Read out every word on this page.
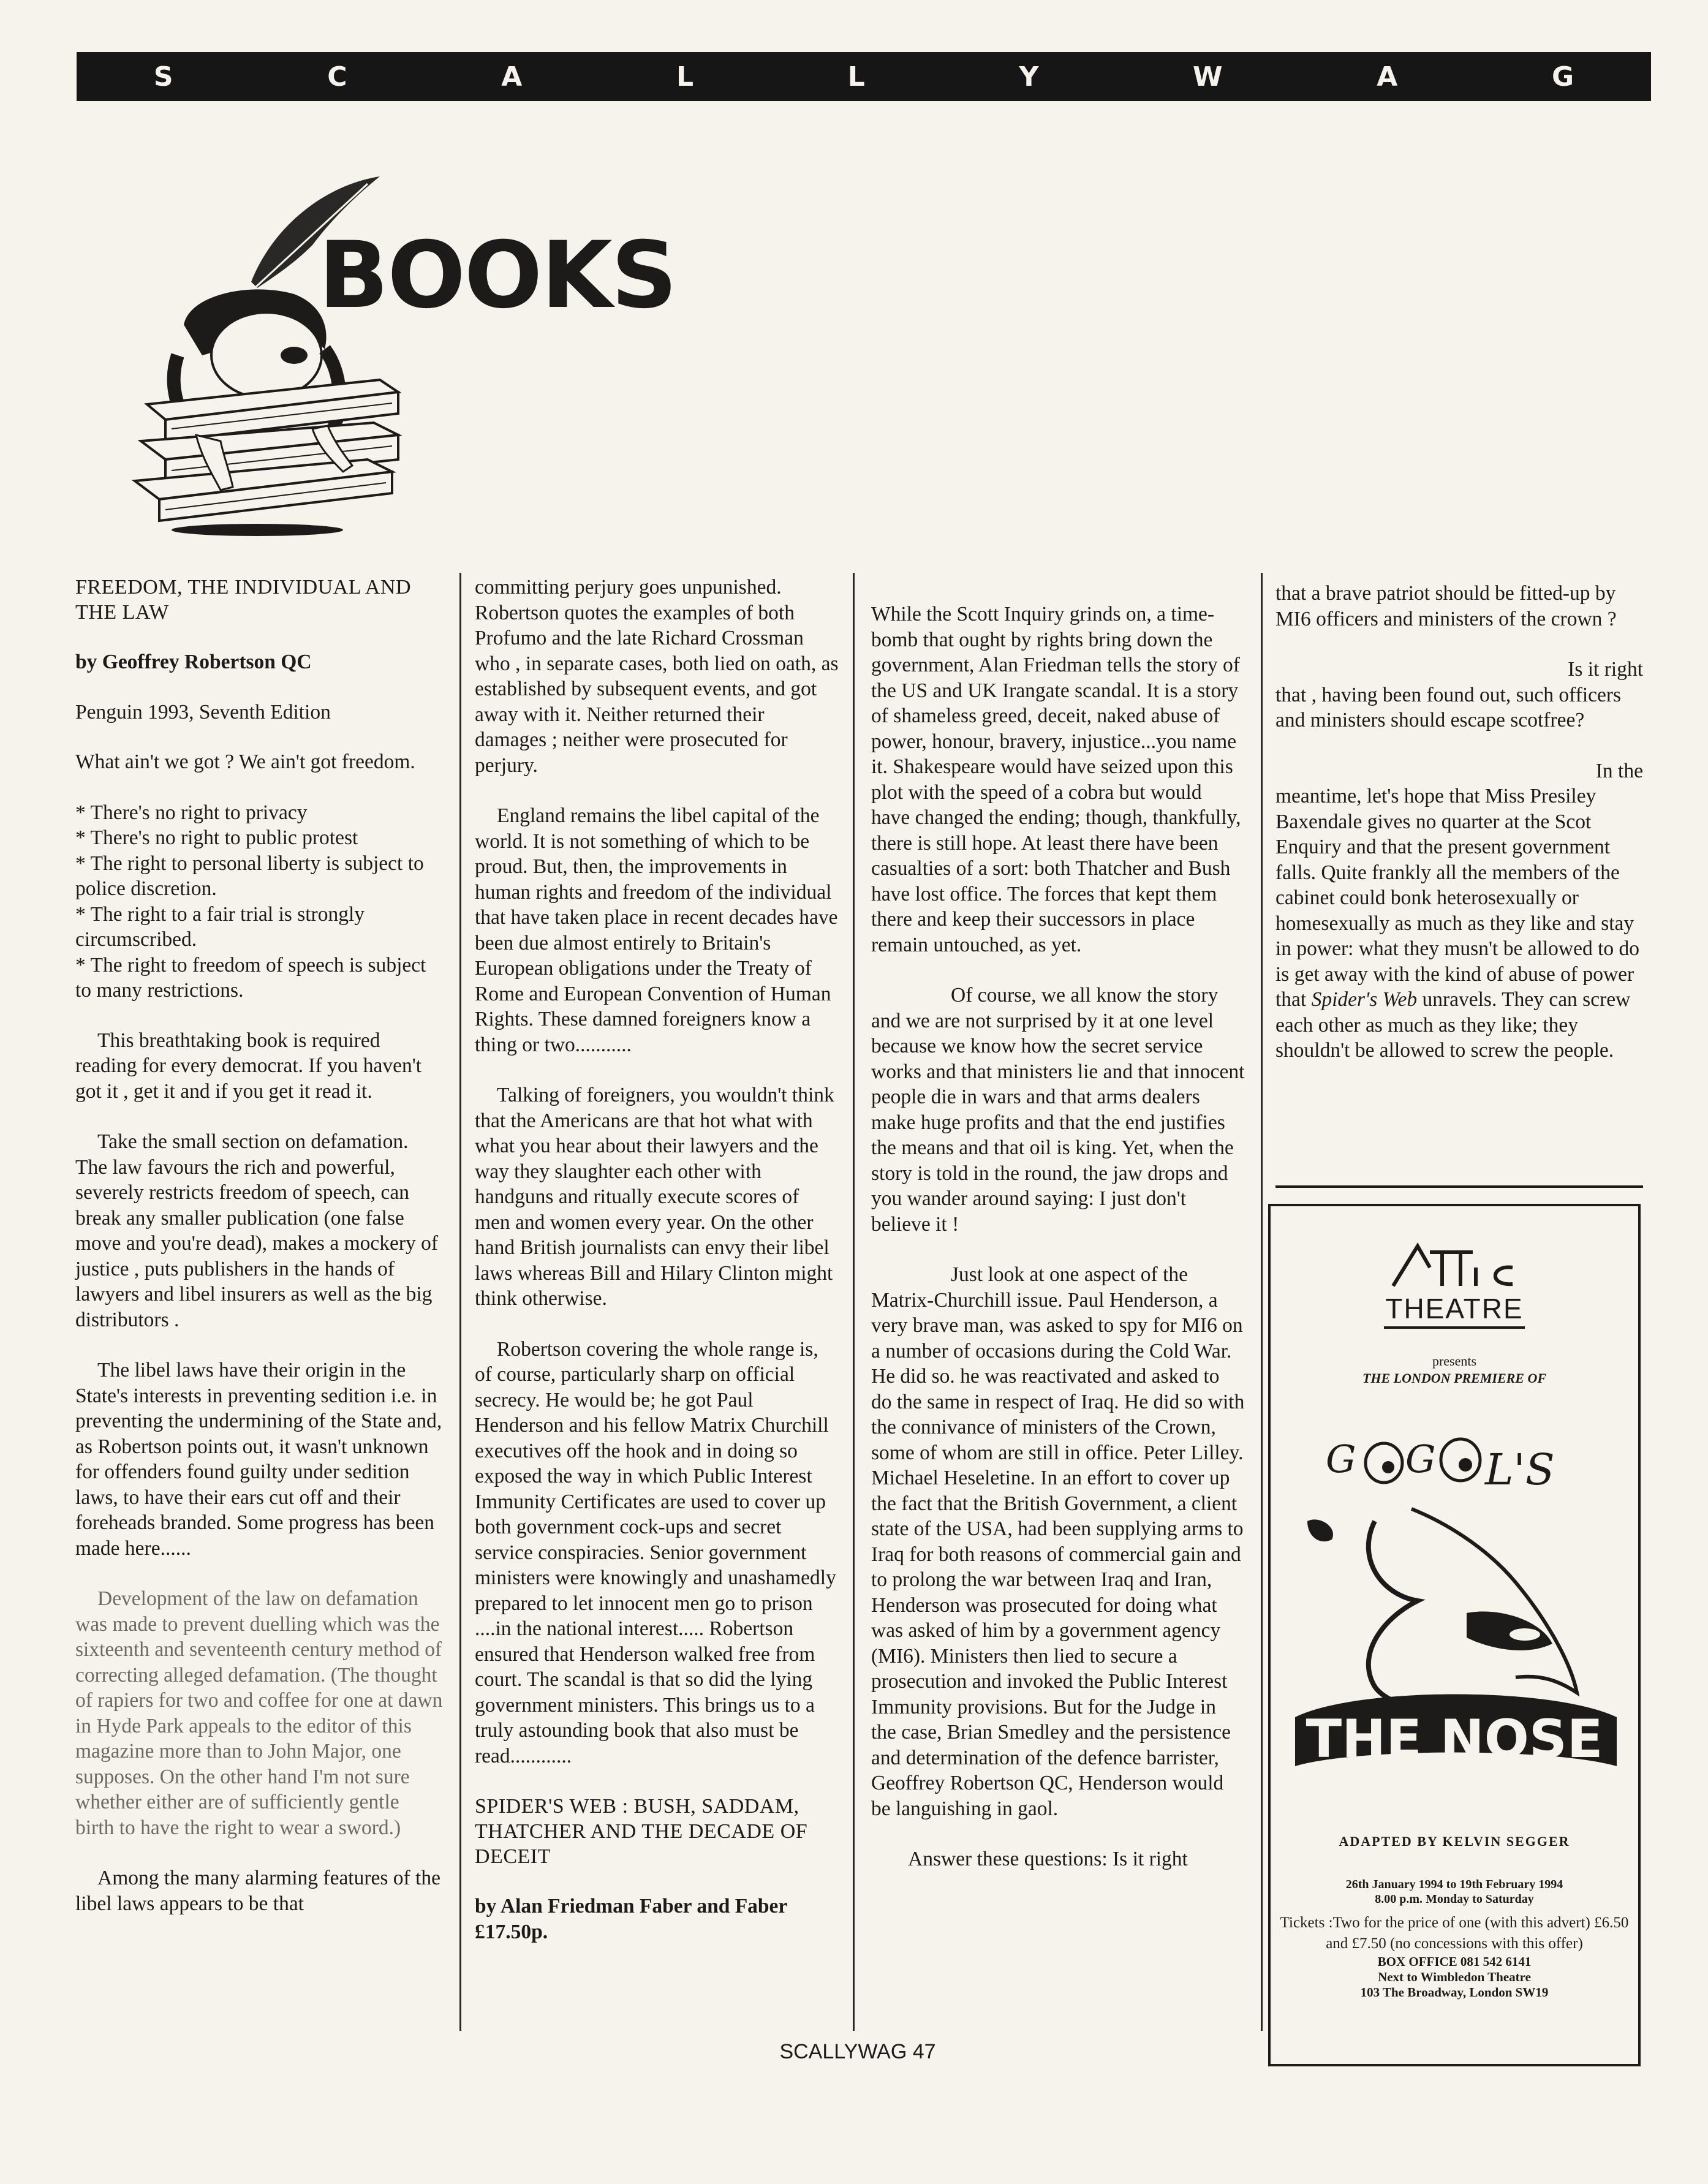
S	C	A	L	L	Y	W	A	G
BOOKS
FREEDOM, THE INDIVIDUAL AND THE LAW
by Geoffrey Robertson QC
Penguin 1993, Seventh Edition

What ain't we got ? We ain't got freedom.

* There's no right to privacy
* There's no right to public protest
* The right to personal liberty is subject to police discretion.
* The right to a fair trial is strongly circumscribed.
* The right to freedom of speech is subject to many restrictions.

This breathtaking book is required reading for every democrat. If you haven't got it , get it and if you get it read it.

Take the small section on defamation. The law favours the rich and powerful, severely restricts freedom of speech, can break any smaller publication (one false move and you're dead), makes a mockery of justice , puts publishers in the hands of lawyers and libel insurers as well as the big distributors .

The libel laws have their origin in the State's interests in preventing sedition i.e. in preventing the undermining of the State and, as Robertson points out, it wasn't unknown for offenders found guilty under sedition laws, to have their ears cut off and their foreheads branded. Some progress has been made here......

Development of the law on defamation was made to prevent duelling which was the sixteenth and seventeenth century method of correcting alleged defamation. (The thought of rapiers for two and coffee for one at dawn in Hyde Park appeals to the editor of this magazine more than to John Major, one supposes. On the other hand I'm not sure whether either are of sufficiently gentle birth to have the right to wear a sword.)

Among the many alarming features of the libel laws appears to be that

committing perjury goes unpunished. Robertson quotes the examples of both Profumo and the late Richard Crossman who , in separate cases, both lied on oath, as established by subsequent events, and got away with it. Neither returned their damages ; neither were prosecuted for perjury.

England remains the libel capital of the world. It is not something of which to be proud. But, then, the improvements in human rights and freedom of the individual that have taken place in recent decades have been due almost entirely to Britain's European obligations under the Treaty of Rome and European Convention of Human Rights. These damned foreigners know a thing or two...........

Talking of foreigners, you wouldn't think that the Americans are that hot what with what you hear about their lawyers and the way they slaughter each other with handguns and ritually execute scores of men and women every year. On the other hand British journalists can envy their libel laws whereas Bill and Hilary Clinton might think otherwise.

Robertson covering the whole range is, of course, particularly sharp on official secrecy. He would be; he got Paul Henderson and his fellow Matrix Churchill executives off the hook and in doing so exposed the way in which Public Interest Immunity Certificates are used to cover up both government cock-ups and secret service conspiracies. Senior government ministers were knowingly and unashamedly prepared to let innocent men go to prison ....in the national interest..... Robertson ensured that Henderson walked free from court. The scandal is that so did the lying government ministers. This brings us to a truly astounding book that also must be read............

SPIDER'S WEB : BUSH, SADDAM, THATCHER AND THE DECADE OF DECEIT
by Alan Friedman Faber and Faber £17.50p.

While the Scott Inquiry grinds on, a time-bomb that ought by rights bring down the government, Alan Friedman tells the story of the US and UK Irangate scandal. It is a story of shameless greed, deceit, naked abuse of power, honour, bravery, injustice...you name it. Shakespeare would have seized upon this plot with the speed of a cobra but would have changed the ending; though, thankfully, there is still hope. At least there have been casualties of a sort: both Thatcher and Bush have lost office. The forces that kept them there and keep their successors in place remain untouched, as yet.

Of course, we all know the story and we are not surprised by it at one level because we know how the secret service works and that ministers lie and that innocent people die in wars and that arms dealers make huge profits and that the end justifies the means and that oil is king. Yet, when the story is told in the round, the jaw drops and you wander around saying: I just don't believe it !

Just look at one aspect of the Matrix-Churchill issue. Paul Henderson, a very brave man, was asked to spy for MI6 on a number of occasions during the Cold War. He did so. he was reactivated and asked to do the same in respect of Iraq. He did so with the connivance of ministers of the Crown, some of whom are still in office. Peter Lilley. Michael Heseletine. In an effort to cover up the fact that the British Government, a client state of the USA, had been supplying arms to Iraq for both reasons of commercial gain and to prolong the war between Iraq and Iran, Henderson was prosecuted for doing what was asked of him by a government agency (MI6). Ministers then lied to secure a prosecution and invoked the Public Interest Immunity provisions. But for the Judge in the case, Brian Smedley and the persistence and determination of the defence barrister, Geoffrey Robertson QC, Henderson would be languishing in gaol.

Answer these questions: Is it right

that a brave patriot should be fitted-up by MI6 officers and ministers of the crown ?

Is it right

that , having been found out, such officers and ministers should escape scotfree?

In the

meantime, let's hope that Miss Presiley Baxendale gives no quarter at the Scot Enquiry and that the present government falls. Quite frankly all the members of the cabinet could bonk heterosexually or homesexually as much as they like and stay in power: what they musn't be allowed to do is get away with the kind of abuse of power that Spider's Web unravels. They can screw each other as much as they like; they shouldn't be allowed to screw the people.

THEATRE
presents
THE LONDON PREMIERE OF
G G L'S
THE NOSE
ADAPTED BY KELVIN SEGGER
26th January 1994 to 19th February 1994
8.00 p.m. Monday to Saturday
Tickets :Two for the price of one (with this advert) £6.50 and £7.50 (no concessions with this offer)
BOX OFFICE 081 542 6141
Next to Wimbledon Theatre
103 The Broadway, London SW19
SCALLYWAG 47
